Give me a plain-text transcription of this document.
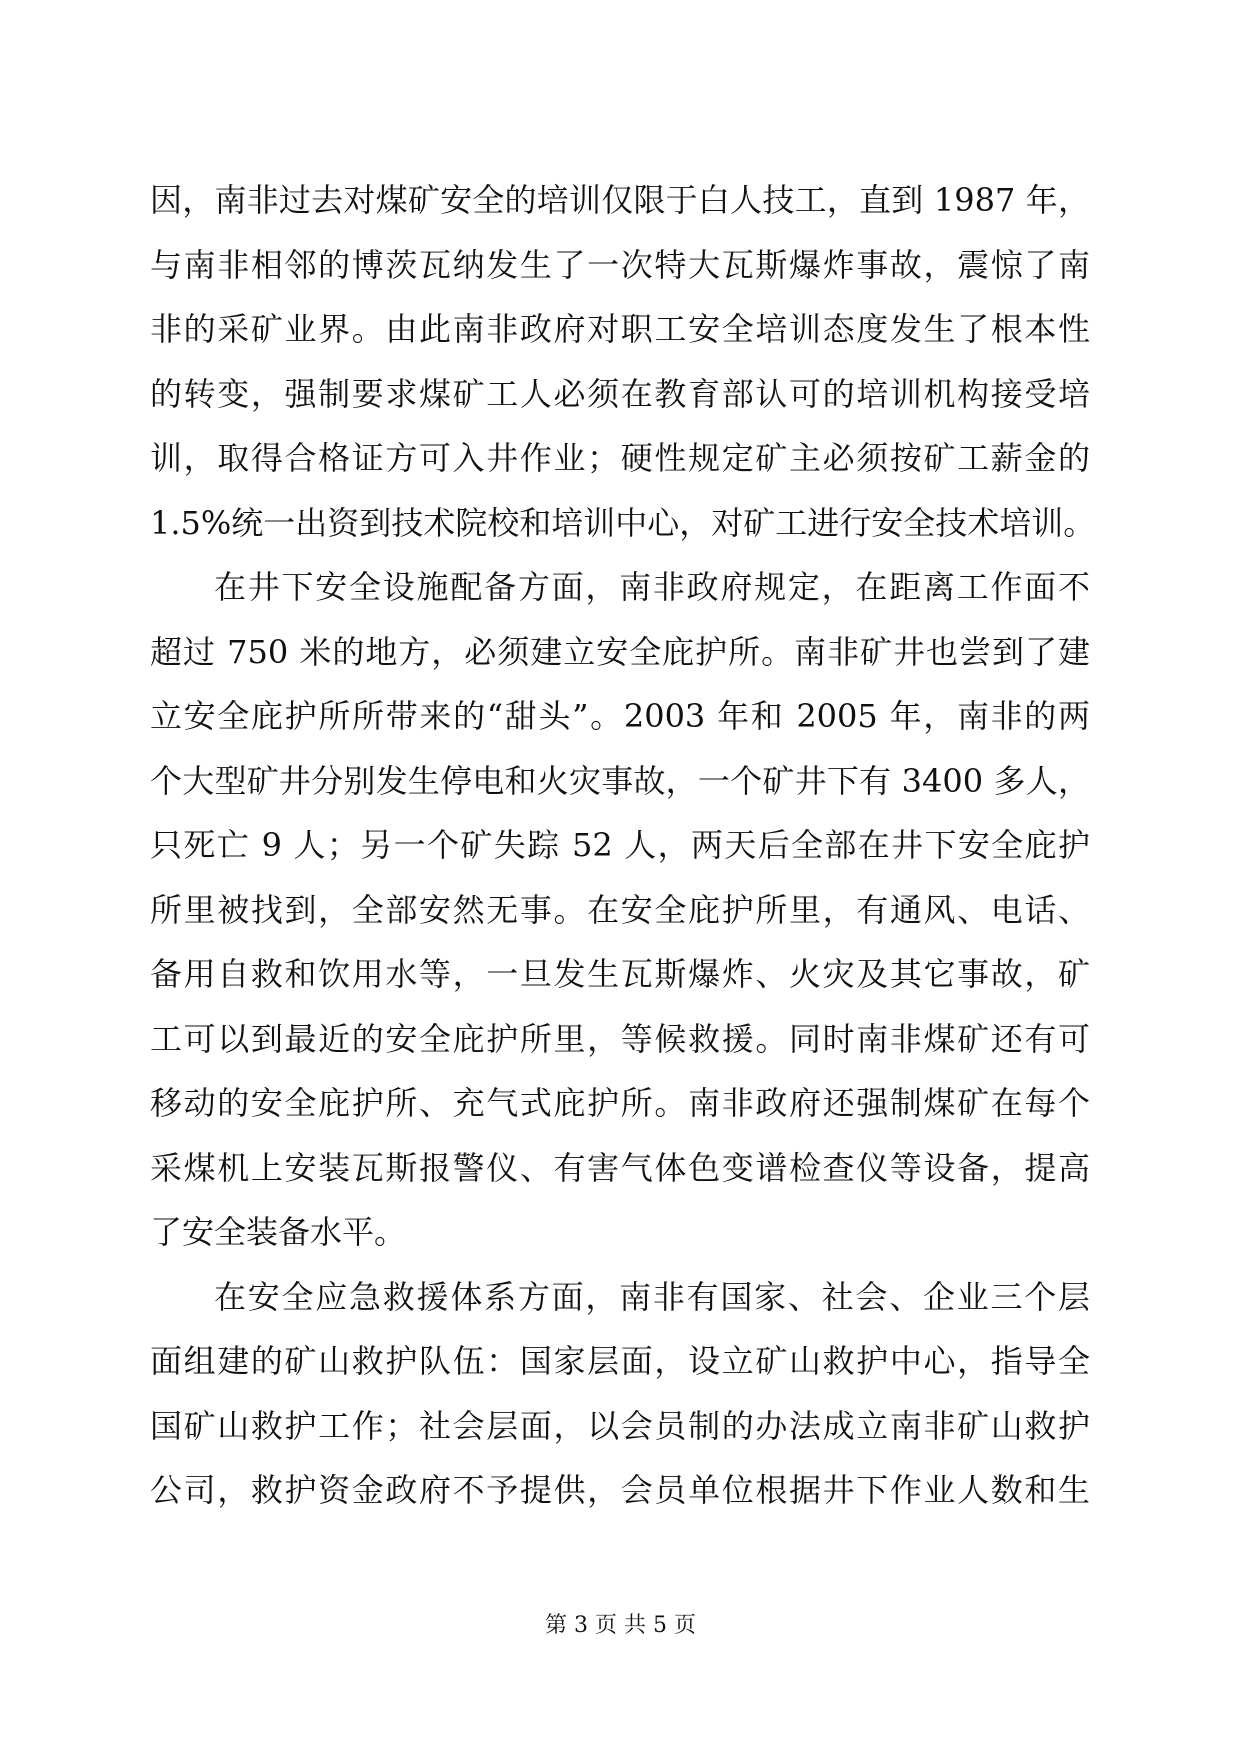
因，南非过去对煤矿安全的培训仅限于白人技工，直到 1987 年，
与南非相邻的博茨瓦纳发生了一次特大瓦斯爆炸事故，震惊了南
非的采矿业界。由此南非政府对职工安全培训态度发生了根本性
的转变，强制要求煤矿工人必须在教育部认可的培训机构接受培
训，取得合格证方可入井作业；硬性规定矿主必须按矿工薪金的
1.5%统一出资到技术院校和培训中心，对矿工进行安全技术培训。
在井下安全设施配备方面，南非政府规定，在距离工作面不
超过 750 米的地方，必须建立安全庇护所。南非矿井也尝到了建
立安全庇护所所带来的“甜头”。2003 年和 2005 年，南非的两
个大型矿井分别发生停电和火灾事故，一个矿井下有 3400 多人，
只死亡 9 人；另一个矿失踪 52 人，两天后全部在井下安全庇护
所里被找到，全部安然无事。在安全庇护所里，有通风、电话、
备用自救和饮用水等，一旦发生瓦斯爆炸、火灾及其它事故，矿
工可以到最近的安全庇护所里，等候救援。同时南非煤矿还有可
移动的安全庇护所、充气式庇护所。南非政府还强制煤矿在每个
采煤机上安装瓦斯报警仪、有害气体色变谱检查仪等设备，提高
了安全装备水平。
在安全应急救援体系方面，南非有国家、社会、企业三个层
面组建的矿山救护队伍：国家层面，设立矿山救护中心，指导全
国矿山救护工作；社会层面，以会员制的办法成立南非矿山救护
公司，救护资金政府不予提供，会员单位根据井下作业人数和生
第 3 页 共 5 页
